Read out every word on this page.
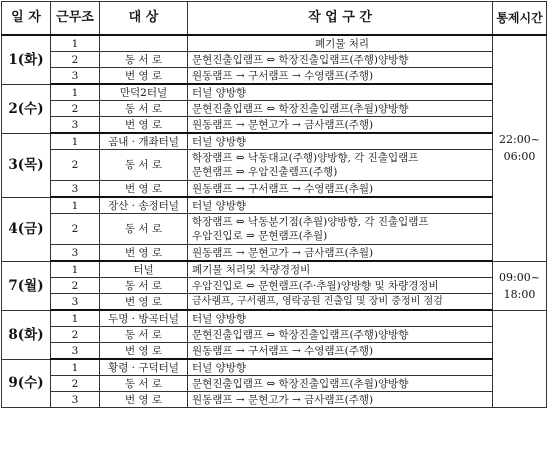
일 자	근무조	대 상	작 업 구 간	통제시간
1(화)	1		폐기물 처리	22:00~
06:00

	2	동 서 로	문현진출입램프 ⇔ 학장진출입램프(주행)양방향	
	3	번 영 로	원동램프 → 구서램프 → 수영램프(주행)	
2(수)	1	만덕2터널	터널 양방향	
	2	동 서 로	문현진출입램프 ⇔ 학장진출입램프(추월)양방향	
	3	번 영 로	원동램프 → 문현고가 → 금사램프(주행)	
3(목)	1	곰내 · 개좌터널	터널 양방향	
	2	동 서 로	학장램프 ⇔ 낙동대교(주행)양방향, 각 진출입램프
문현램프 ⇒ 우암진출램프(주행)	

	3	번 영 로	원동램프 → 구서램프 → 수영램프(추월)	
4(금)	1	장산 · 송정터널	터널 양방향	
	2	동 서 로	학장램프 ⇔ 낙동분기점(추월)양방향, 각 진출입램프
우암진입로 ⇒ 문현램프(추월)	

	3	번 영 로	원동램프 → 문현고가 → 금사램프(추월)	
7(월)	1	터널	폐기물 처리및 차량경정비	09:00~
18:00

	2	동 서 로	우암진입로 ⇔ 문현램프(주·추월)양방향 및 차량경정비	
	3	번 영 로	금사램프, 구서램프, 영락공원 진출입 및 장비 중정비 점검	
8(화)	1	두명 · 방곡터널	터널 양방향	
	2	동 서 로	문현진출입램프 ⇔ 학장진출입램프(주행)양방향	
	3	번 영 로	원동램프 → 구서램프 → 수영램프(주행)	
9(수)	1	황령 · 구덕터널	터널 양방향	
	2	동 서 로	문현진출입램프 ⇔ 학장진출입램프(추월)양방향	
	3	번 영 로	원동램프 → 문현고가 → 금사램프(주행)	
